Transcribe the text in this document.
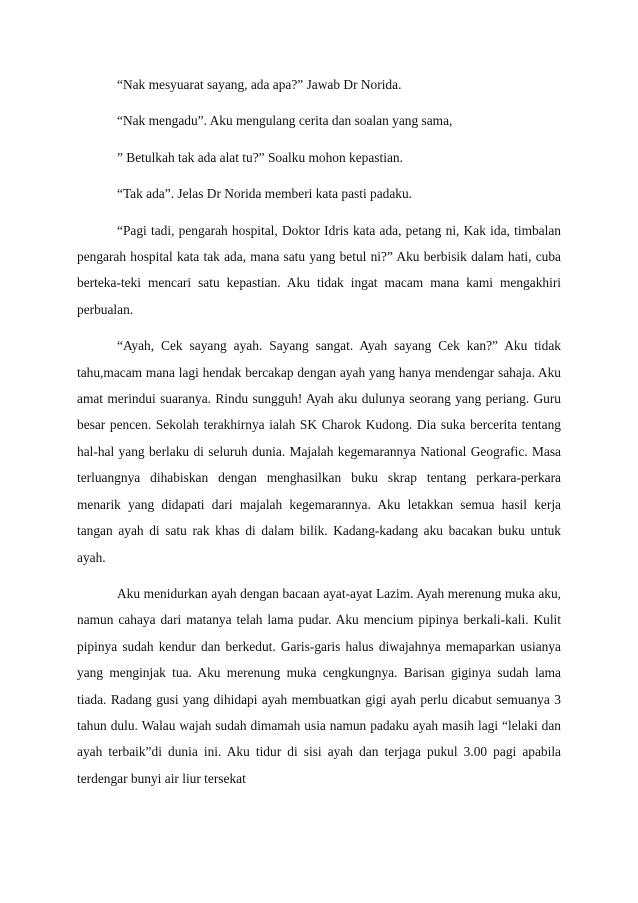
“Nak mesyuarat sayang, ada apa?” Jawab Dr Norida.

“Nak mengadu”. Aku mengulang cerita dan soalan yang sama,

” Betulkah tak ada alat tu?” Soalku mohon kepastian.

“Tak ada”. Jelas Dr Norida memberi kata pasti padaku.

“Pagi tadi, pengarah hospital, Doktor Idris kata ada, petang ni, Kak ida, timbalan pengarah hospital kata tak ada, mana satu yang betul ni?” Aku berbisik dalam hati, cuba berteka-teki mencari satu kepastian. Aku tidak ingat macam mana kami mengakhiri perbualan.

“Ayah, Cek sayang ayah. Sayang sangat. Ayah sayang Cek kan?” Aku tidak tahu,macam mana lagi hendak bercakap dengan ayah yang hanya mendengar sahaja. Aku amat merindui suaranya. Rindu sungguh! Ayah aku dulunya seorang yang periang. Guru besar pencen. Sekolah terakhirnya ialah SK Charok Kudong. Dia suka bercerita tentang hal-hal yang berlaku di seluruh dunia. Majalah kegemarannya National Geografic. Masa terluangnya dihabiskan dengan menghasilkan buku skrap tentang perkara-perkara menarik yang didapati dari majalah kegemarannya. Aku letakkan semua hasil kerja tangan ayah di satu rak khas di dalam bilik. Kadang-kadang aku bacakan buku untuk ayah.

Aku menidurkan ayah dengan bacaan ayat-ayat Lazim. Ayah merenung muka aku, namun cahaya dari matanya telah lama pudar. Aku mencium pipinya berkali-kali. Kulit pipinya sudah kendur dan berkedut. Garis-garis halus diwajahnya memaparkan usianya yang menginjak tua. Aku merenung muka cengkungnya. Barisan giginya sudah lama tiada. Radang gusi yang dihidapi ayah membuatkan gigi ayah perlu dicabut semuanya 3 tahun dulu. Walau wajah sudah dimamah usia namun padaku ayah masih lagi “lelaki dan ayah terbaik”di dunia ini. Aku tidur di sisi ayah dan terjaga pukul 3.00 pagi apabila terdengar bunyi air liur tersekat
